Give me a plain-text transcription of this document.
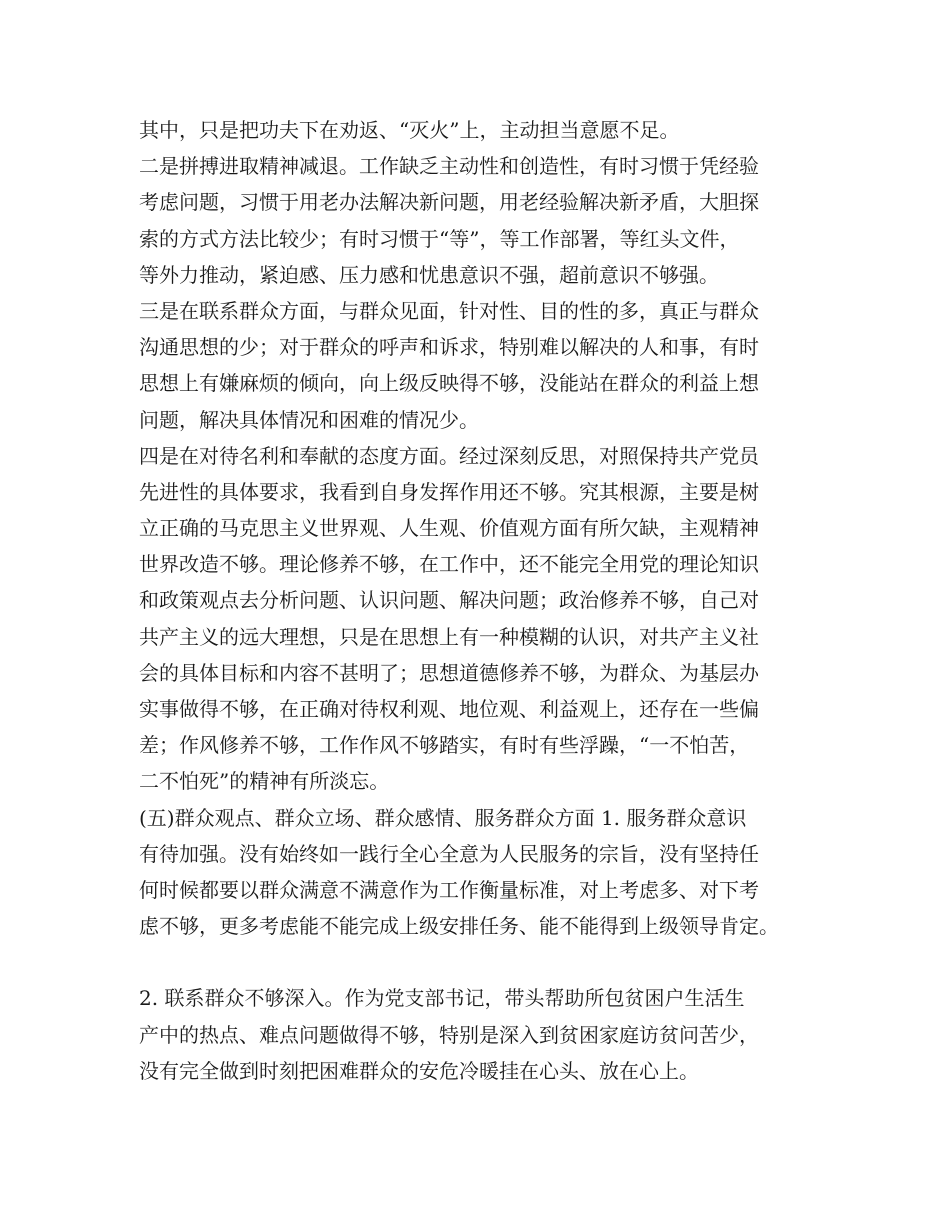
其中，只是把功夫下在劝返、“灭火”上，主动担当意愿不足。
二是拼搏进取精神减退。工作缺乏主动性和创造性，有时习惯于凭经验
考虑问题，习惯于用老办法解决新问题，用老经验解决新矛盾，大胆探
索的方式方法比较少；有时习惯于“等”，等工作部署，等红头文件，
等外力推动，紧迫感、压力感和忧患意识不强，超前意识不够强。
三是在联系群众方面，与群众见面，针对性、目的性的多，真正与群众
沟通思想的少；对于群众的呼声和诉求，特别难以解决的人和事，有时
思想上有嫌麻烦的倾向，向上级反映得不够，没能站在群众的利益上想
问题，解决具体情况和困难的情况少。
四是在对待名利和奉献的态度方面。经过深刻反思，对照保持共产党员
先进性的具体要求，我看到自身发挥作用还不够。究其根源，主要是树
立正确的马克思主义世界观、人生观、价值观方面有所欠缺，主观精神
世界改造不够。理论修养不够，在工作中，还不能完全用党的理论知识
和政策观点去分析问题、认识问题、解决问题；政治修养不够，自己对
共产主义的远大理想，只是在思想上有一种模糊的认识，对共产主义社
会的具体目标和内容不甚明了；思想道德修养不够，为群众、为基层办
实事做得不够，在正确对待权利观、地位观、利益观上，还存在一些偏
差；作风修养不够，工作作风不够踏实，有时有些浮躁，“一不怕苦，
二不怕死”的精神有所淡忘。
(五)群众观点、群众立场、群众感情、服务群众方面 1. 服务群众意识
有待加强。没有始终如一践行全心全意为人民服务的宗旨，没有坚持任
何时候都要以群众满意不满意作为工作衡量标准，对上考虑多、对下考
虑不够，更多考虑能不能完成上级安排任务、能不能得到上级领导肯定。
2. 联系群众不够深入。作为党支部书记，带头帮助所包贫困户生活生
产中的热点、难点问题做得不够，特别是深入到贫困家庭访贫问苦少，
没有完全做到时刻把困难群众的安危冷暖挂在心头、放在心上。
